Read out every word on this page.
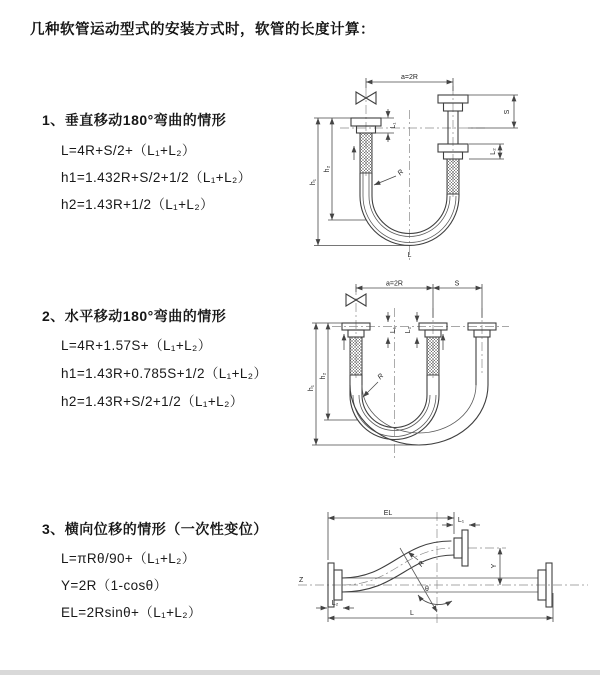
几种软管运动型式的安装方式时，软管的长度计算：
1、垂直移动180°弯曲的情形
L=4R+S/2+（L₁+L₂）
h1=1.432R+S/2+1/2（L₁+L₂）
h2=1.43R+1/2（L₁+L₂）
2、水平移动180°弯曲的情形
L=4R+1.57S+（L₁+L₂）
h1=1.43R+0.785S+1/2（L₁+L₂）
h2=1.43R+S/2+1/2（L₁+L₂）
3、横向位移的情形（一次性变位）
L=πRθ/90+（L₁+L₂）
Y=2R（1-cosθ）
EL=2Rsinθ+（L₁+L₂）
a=2R
S
L₂
h₁
h₂
L₁
R
L
a=2R	S
h₁
h₂
L₁ L₂
R
Z
EL
L₁
Y
θ
R
L
L₂
